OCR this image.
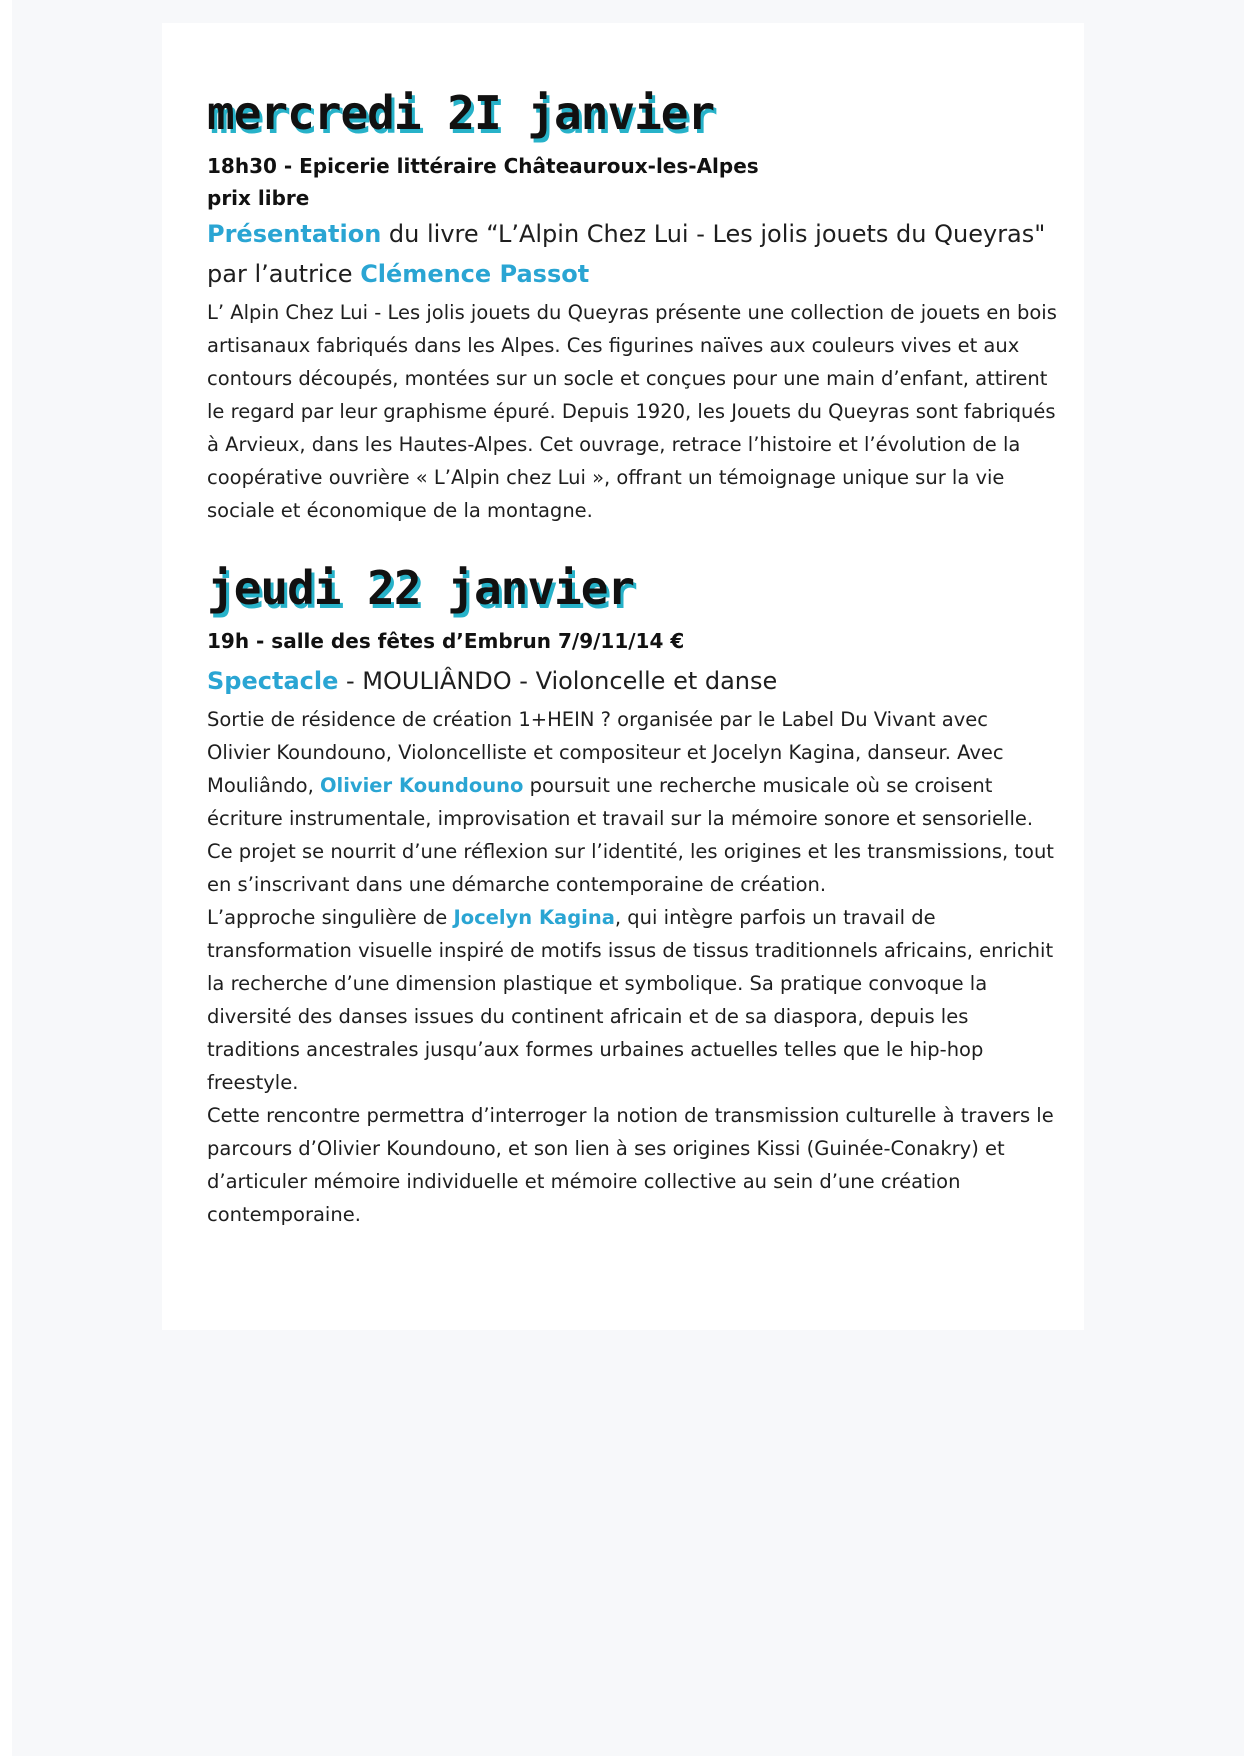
mercredi 2I janvier

18h30 - Epicerie littéraire Châteauroux-les-Alpes

prix libre

Présentation du livre “L’Alpin Chez Lui - Les jolis jouets du Queyras" par l’autrice Clémence Passot

L’ Alpin Chez Lui - Les jolis jouets du Queyras présente une collection de jouets en bois artisanaux fabriqués dans les Alpes. Ces figurines naïves aux couleurs vives et aux contours découpés, montées sur un socle et conçues pour une main d’enfant, attirent le regard par leur graphisme épuré. Depuis 1920, les Jouets du Queyras sont fabriqués à Arvieux, dans les Hautes-Alpes. Cet ouvrage, retrace l’histoire et l’évolution de la coopérative ouvrière « L’Alpin chez Lui », offrant un témoignage unique sur la vie sociale et économique de la montagne.

jeudi 22 janvier

19h - salle des fêtes d’Embrun 7/9/11/14 €

Spectacle - MOULIÂNDO - Violoncelle et danse

Sortie de résidence de création 1+HEIN ? organisée par le Label Du Vivant avec Olivier Koundouno, Violoncelliste et compositeur et Jocelyn Kagina, danseur. Avec Mouliândo, Olivier Koundouno poursuit une recherche musicale où se croisent écriture instrumentale, improvisation et travail sur la mémoire sonore et sensorielle. Ce projet se nourrit d’une réflexion sur l’identité, les origines et les transmissions, tout en s’inscrivant dans une démarche contemporaine de création.

L’approche singulière de Jocelyn Kagina, qui intègre parfois un travail de transformation visuelle inspiré de motifs issus de tissus traditionnels africains, enrichit la recherche d’une dimension plastique et symbolique. Sa pratique convoque la diversité des danses issues du continent africain et de sa diaspora, depuis les traditions ancestrales jusqu’aux formes urbaines actuelles telles que le hip-hop freestyle.

Cette rencontre permettra d’interroger la notion de transmission culturelle à travers le parcours d’Olivier Koundouno, et son lien à ses origines Kissi (Guinée-Conakry) et d’articuler mémoire individuelle et mémoire collective au sein d’une création contemporaine.
